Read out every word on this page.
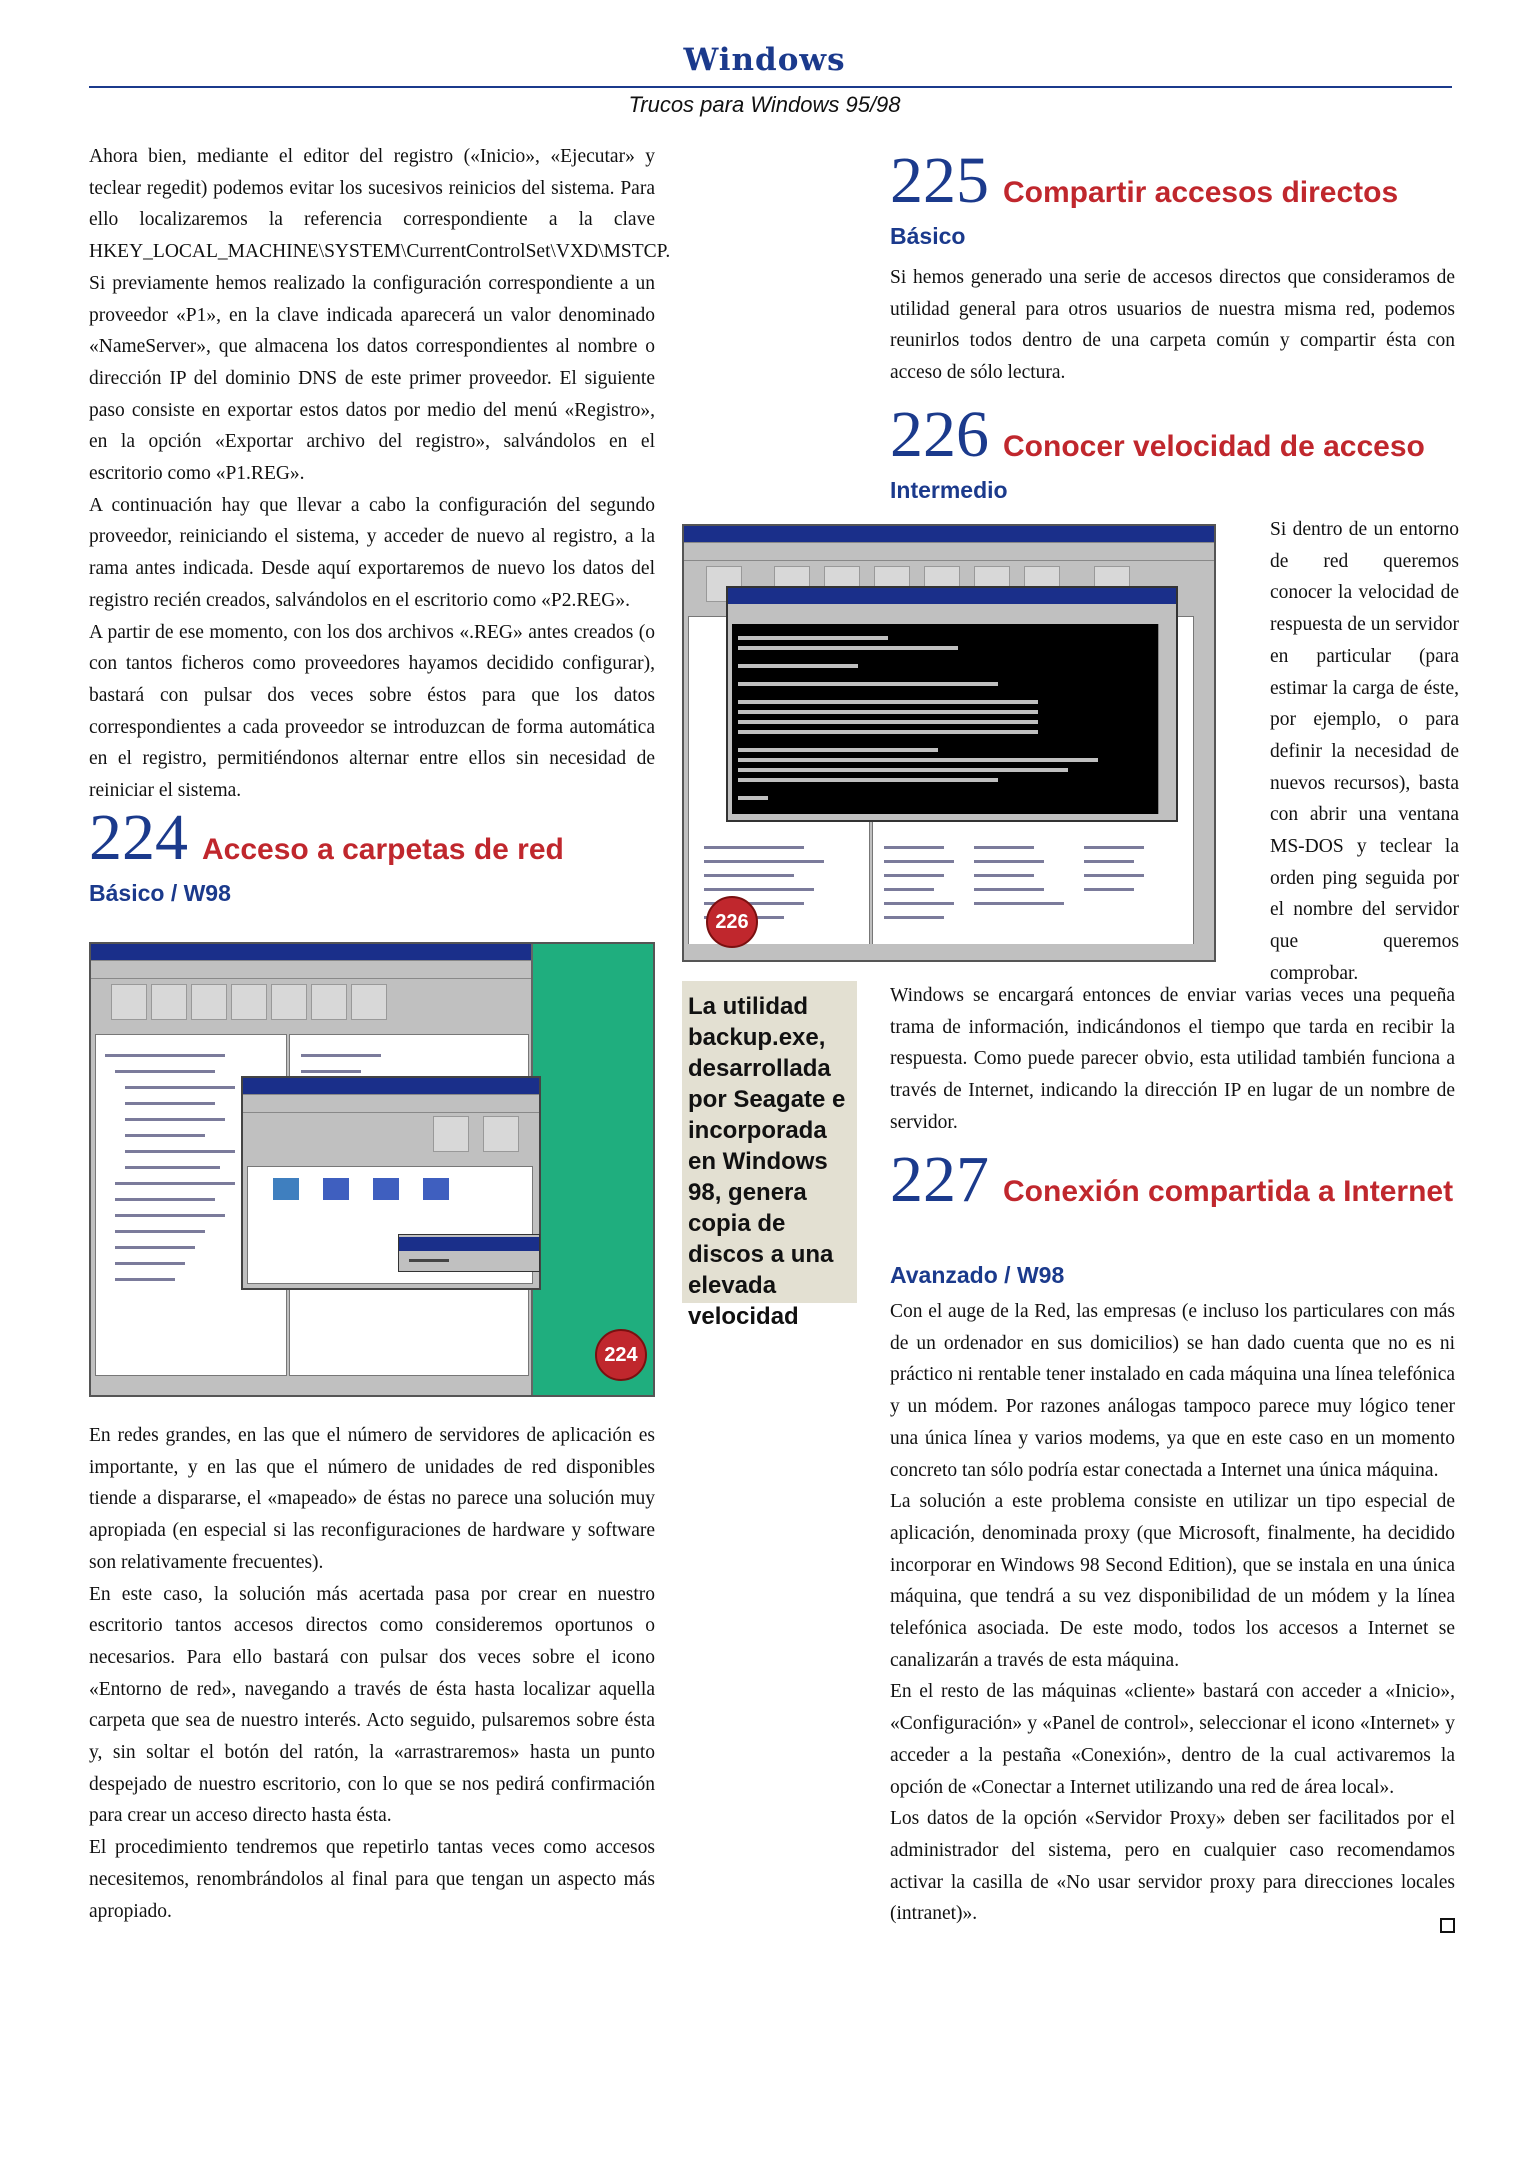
Windows
Trucos para Windows 95/98

Ahora bien, mediante el editor del registro («Inicio», «Ejecutar» y teclear regedit) podemos evitar los sucesivos reinicios del sistema. Para ello localizaremos la referencia correspondiente a la clave HKEY_LOCAL_MACHINE\SYSTEM\CurrentControlSet\VXD\MSTCP.

Si previamente hemos realizado la configuración correspondiente a un proveedor «P1», en la clave indicada aparecerá un valor denominado «NameServer», que almacena los datos correspondientes al nombre o dirección IP del dominio DNS de este primer proveedor. El siguiente paso consiste en exportar estos datos por medio del menú «Registro», en la opción «Exportar archivo del registro», salvándolos en el escritorio como «P1.REG».

A continuación hay que llevar a cabo la configuración del segundo proveedor, reiniciando el sistema, y acceder de nuevo al registro, a la rama antes indicada. Desde aquí exportaremos de nuevo los datos del registro recién creados, salvándolos en el escritorio como «P2.REG».

A partir de ese momento, con los dos archivos «.REG» antes creados (o con tantos ficheros como proveedores hayamos decidido configurar), bastará con pulsar dos veces sobre éstos para que los datos correspondientes a cada proveedor se introduzcan de forma automática en el registro, permitiéndonos alternar entre ellos sin necesidad de reiniciar el sistema.

224 Acceso a carpetas de red
Básico / W98
224

En redes grandes, en las que el número de servidores de aplicación es importante, y en las que el número de unidades de red disponibles tiende a dispararse, el «mapeado» de éstas no parece una solución muy apropiada (en especial si las reconfiguraciones de hardware y software son relativamente frecuentes).

En este caso, la solución más acertada pasa por crear en nuestro escritorio tantos accesos directos como consideremos oportunos o necesarios. Para ello bastará con pulsar dos veces sobre el icono «Entorno de red», navegando a través de ésta hasta localizar aquella carpeta que sea de nuestro interés. Acto seguido, pulsaremos sobre ésta y, sin soltar el botón del ratón, la «arrastraremos» hasta un punto despejado de nuestro escritorio, con lo que se nos pedirá confirmación para crear un acceso directo hasta ésta.

El procedimiento tendremos que repetirlo tantas veces como accesos necesitemos, renombrándolos al final para que tengan un aspecto más apropiado.

La utilidad backup.exe, desarrollada por Seagate e incorporada en Windows 98, genera copia de discos a una elevada velocidad
225 Compartir accesos directos
Básico

Si hemos generado una serie de accesos directos que consideramos de utilidad general para otros usuarios de nuestra misma red, podemos reunirlos todos dentro de una carpeta común y compartir ésta con acceso de sólo lectura.

226 Conocer velocidad de acceso
Intermedio
226

Si dentro de un entorno de red queremos conocer la velocidad de respuesta de un servidor en particular (para estimar la carga de éste, por ejemplo, o para definir la necesidad de nuevos recursos), basta con abrir una ventana MS-DOS y teclear la orden ping seguida por el nombre del servidor que queremos comprobar.

Windows se encargará entonces de enviar varias veces una pequeña trama de información, indicándonos el tiempo que tarda en recibir la respuesta. Como puede parecer obvio, esta utilidad también funciona a través de Internet, indicando la dirección IP en lugar de un nombre de servidor.

227 Conexión compartida a Internet
Avanzado / W98

Con el auge de la Red, las empresas (e incluso los particulares con más de un ordenador en sus domicilios) se han dado cuenta que no es ni práctico ni rentable tener instalado en cada máquina una línea telefónica y un módem. Por razones análogas tampoco parece muy lógico tener una única línea y varios modems, ya que en este caso en un momento concreto tan sólo podría estar conectada a Internet una única máquina.

La solución a este problema consiste en utilizar un tipo especial de aplicación, denominada proxy (que Microsoft, finalmente, ha decidido incorporar en Windows 98 Second Edition), que se instala en una única máquina, que tendrá a su vez disponibilidad de un módem y la línea telefónica asociada. De este modo, todos los accesos a Internet se canalizarán a través de esta máquina.

En el resto de las máquinas «cliente» bastará con acceder a «Inicio», «Configuración» y «Panel de control», seleccionar el icono «Internet» y acceder a la pestaña «Conexión», dentro de la cual activaremos la opción de «Conectar a Internet utilizando una red de área local».

Los datos de la opción «Servidor Proxy» deben ser facilitados por el administrador del sistema, pero en cualquier caso recomendamos activar la casilla de «No usar servidor proxy para direcciones locales (intranet)».
